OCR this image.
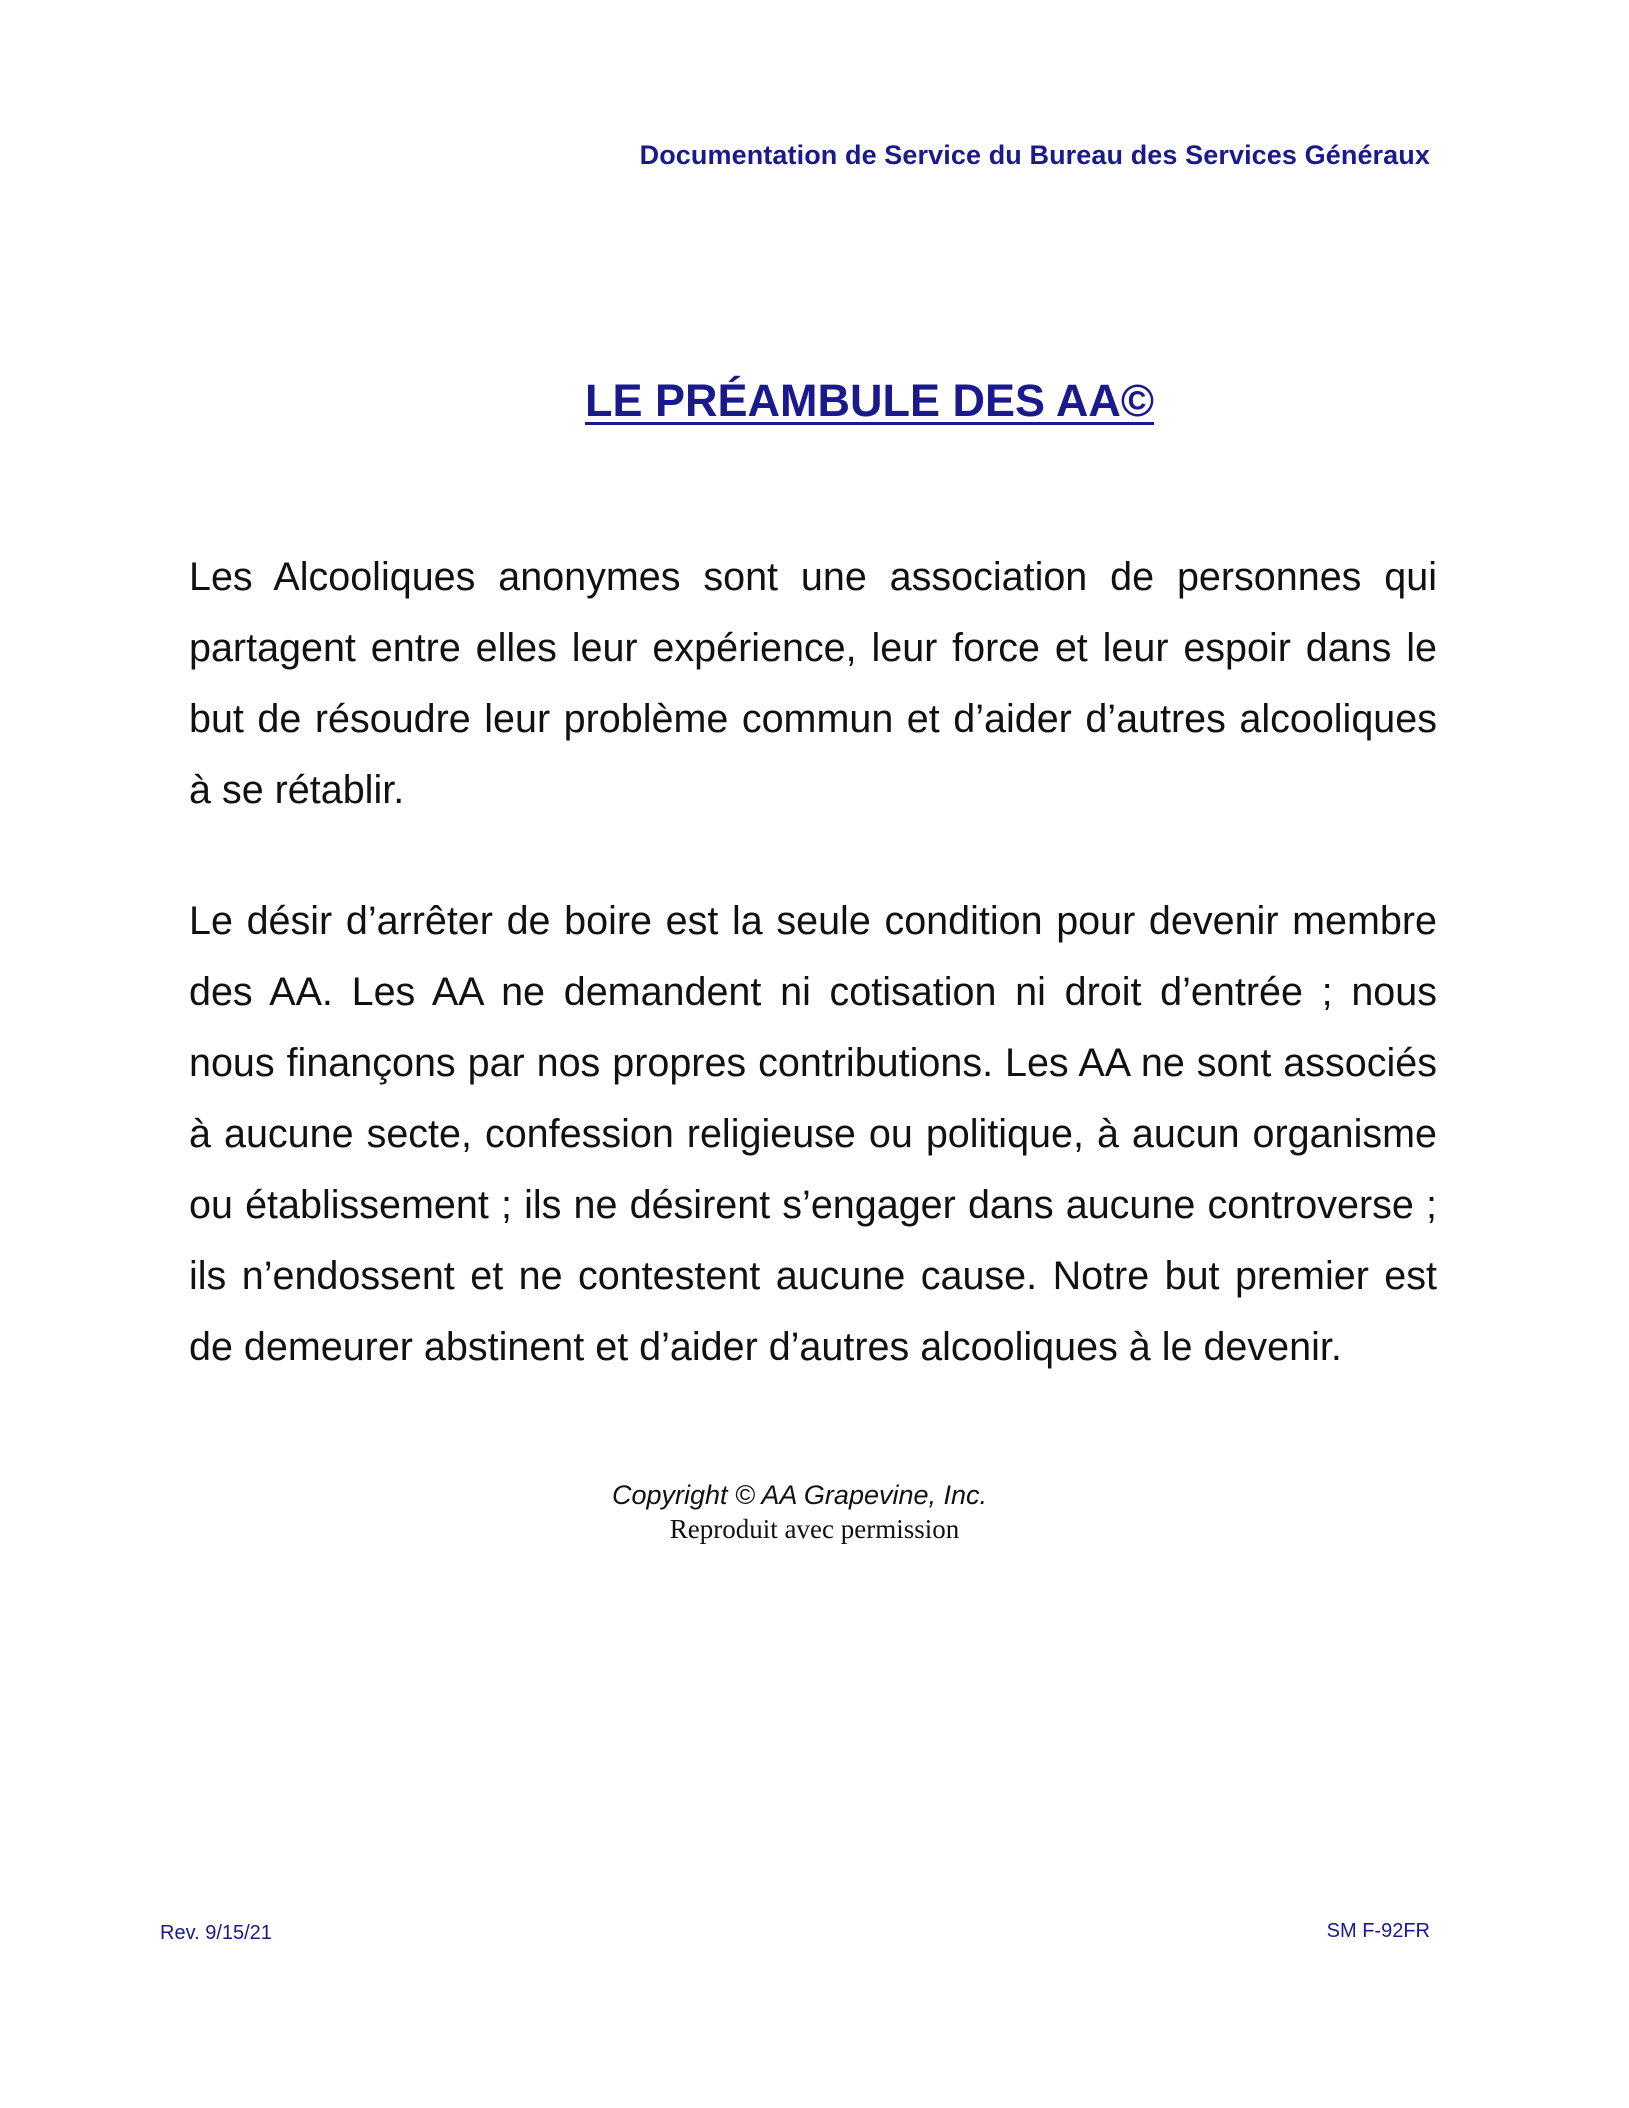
Documentation de Service du Bureau des Services Généraux
LE PRÉAMBULE DES AA©

Les Alcooliques anonymes sont une association de personnes qui partagent entre elles leur expérience, leur force et leur espoir dans le but de résoudre leur problème commun et d’aider d’autres alcooliques à se rétablir.

Le désir d’arrêter de boire est la seule condition pour devenir membre des AA. Les AA ne demandent ni cotisation ni droit d’entrée ; nous nous finançons par nos propres contributions. Les AA ne sont associés à aucune secte, confession religieuse ou politique, à aucun organisme ou établissement ; ils ne désirent s’engager dans aucune controverse ; ils n’endossent et ne contestent aucune cause. Notre but premier est de demeurer abstinent et d’aider d’autres alcooliques à le devenir.

Copyright © AA Grapevine, Inc.
Reproduit avec permission
Rev. 9/15/21	SM F-92FR
